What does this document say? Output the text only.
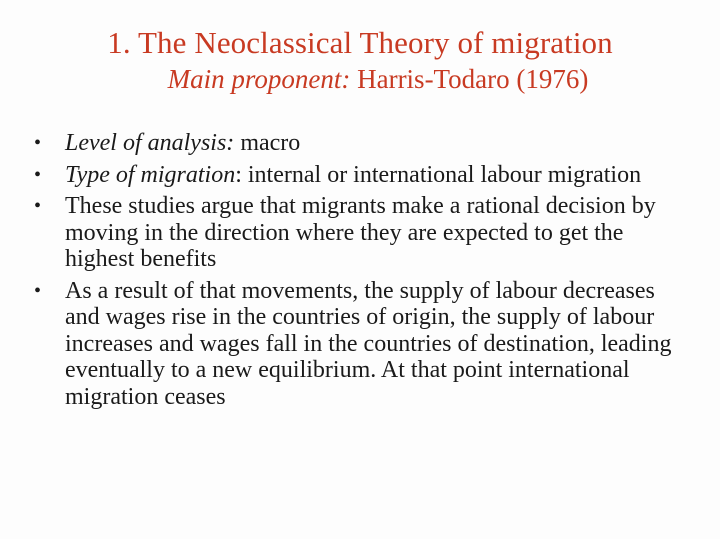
1. The Neoclassical Theory of migration
Main proponent: Harris-Todaro (1976)
• Level of analysis: macro
• Type of migration: internal or international labour migration
• These studies argue that migrants make a rational decision by moving in the direction where they are expected to get the highest benefits
• As a result of that movements, the supply of labour decreases and wages rise in the countries of origin, the supply of labour increases and wages fall in the countries of destination, leading eventually to a new equilibrium. At that point international migration ceases
